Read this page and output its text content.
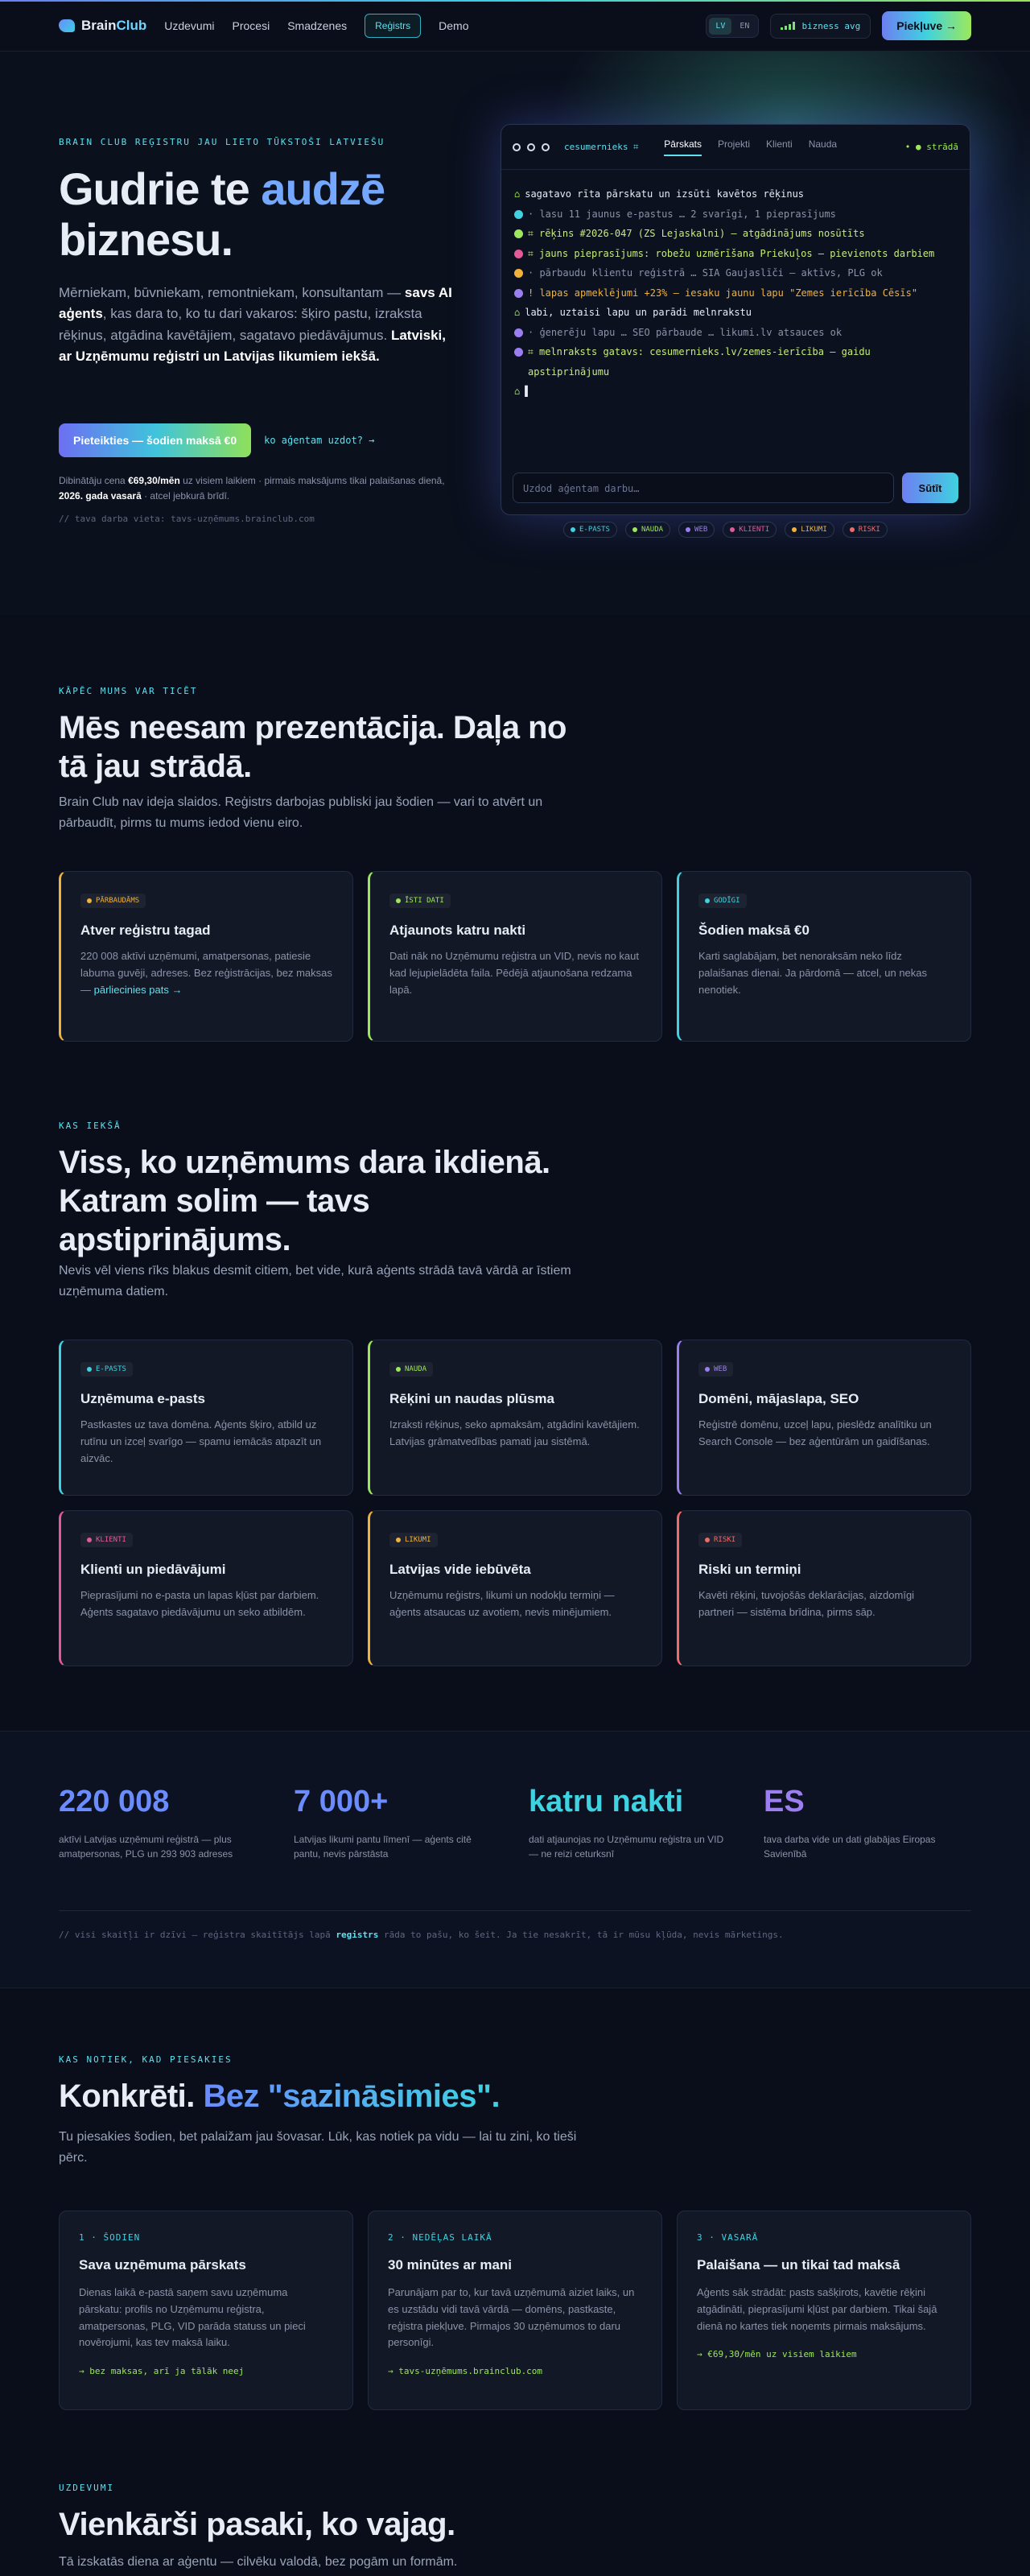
BrainClub Uzdevumi Procesi Smadzenes	Reģistrs	Demo	LV	EN	bizness avg	Piekļuve →
BRAIN CLUB REĢISTRU JAU LIETO TŪKSTOŠI LATVIEŠU
Gudrie te audzē
biznesu.
Mērniekam, būvniekam, remontniekam, konsultantam — savs AI aģents, kas dara to, ko tu dari vakaros: šķiro pastu, izraksta rēķinus, atgādina kavētājiem, sagatavo piedāvājumus. Latviski, ar Uzņēmumu reģistri un Latvijas likumiem iekšā.
Pieteikties — šodien maksā €0	ko aģentam uzdot? →
Dibinātāju cena €69,30/mēn uz visiem laikiem · pirmais maksājums tikai palaišanas dienā, 2026. gada vasarā · atcel jebkurā brīdī.
// tava darba vieta: tavs-uzņēmums.brainclub.com
cesumernieks ⌗	Pārskats Projekti Klienti Nauda	• ● strādā
⌂ sagatavo rīta pārskatu un izsūti kavētos rēķinus
· lasu 11 jaunus e-pastus … 2 svarīgi, 1 pieprasījums
⌗ rēķins #2026-047 (ZS Lejaskalni) — atgādinājums nosūtīts
⌗ jauns pieprasījums: robežu uzmērīšana Priekuļos — pievienots darbiem
· pārbaudu klientu reģistrā … SIA Gaujaslīči — aktīvs, PLG ok
! lapas apmeklējumi +23% — iesaku jaunu lapu "Zemes ierīcība Cēsīs"
⌂ labi, uztaisi lapu un parādi melnrakstu
· ģenerēju lapu … SEO pārbaude … likumi.lv atsauces ok
⌗ melnraksts gatavs: cesumernieks.lv/zemes-ierīcība — gaidu apstiprinājumu
⌂ ▌
Uzdod aģentam darbu…	Sūtīt
E-PASTS	NAUDA	WEB	KLIENTI	LIKUMI	RISKI
KĀPĒC MUMS VAR TICĒT
Mēs neesam prezentācija. Daļa no tā jau strādā.
Brain Club nav ideja slaidos. Reģistrs darbojas publiski jau šodien — vari to atvērt un pārbaudīt, pirms tu mums iedod vienu eiro.
PĀRBAUDĀMS
Atver reģistru tagad
220 008 aktīvi uzņēmumi, amatpersonas, patiesie labuma guvēji, adreses. Bez reģistrācijas, bez maksas — pārliecinies pats →
ĪSTI DATI
Atjaunots katru nakti
Dati nāk no Uzņēmumu reģistra un VID, nevis no kaut kad lejupielādēta faila. Pēdējā atjaunošana redzama lapā.
GODĪGI
Šodien maksā €0
Karti saglabājam, bet nenoraksām neko līdz palaišanas dienai. Ja pārdomā — atcel, un nekas nenotiek.
KAS IEKŠĀ
Viss, ko uzņēmums dara ikdienā. Katram solim — tavs apstiprinājums.
Nevis vēl viens rīks blakus desmit citiem, bet vide, kurā aģents strādā tavā vārdā ar īstiem uzņēmuma datiem.
E-PASTS
Uzņēmuma e-pasts
Pastkastes uz tava domēna. Aģents šķiro, atbild uz rutīnu un izceļ svarīgo — spamu iemācās atpazīt un aizvāc.
NAUDA
Rēķini un naudas plūsma
Izraksti rēķinus, seko apmaksām, atgādini kavētājiem. Latvijas grāmatvedības pamati jau sistēmā.
WEB
Domēni, mājaslapa, SEO
Reģistrē domēnu, uzceļ lapu, pieslēdz analītiku un Search Console — bez aģentūrām un gaidīšanas.
KLIENTI
Klienti un piedāvājumi
Pieprasījumi no e-pasta un lapas kļūst par darbiem. Aģents sagatavo piedāvājumu un seko atbildēm.
LIKUMI
Latvijas vide iebūvēta
Uzņēmumu reģistrs, likumi un nodokļu termiņi — aģents atsaucas uz avotiem, nevis minējumiem.
RISKI
Riski un termiņi
Kavēti rēķini, tuvojošās deklarācijas, aizdomīgi partneri — sistēma brīdina, pirms sāp.
220 008
aktīvi Latvijas uzņēmumi reģistrā — plus amatpersonas, PLG un 293 903 adreses
7 000+
Latvijas likumi pantu līmenī — aģents citē pantu, nevis pārstāsta
katru nakti
dati atjaunojas no Uzņēmumu reģistra un VID — ne reizi ceturksnī
ES
tava darba vide un dati glabājas Eiropas Savienībā
// visi skaitļi ir dzīvi — reģistra skaitītājs lapā registrs rāda to pašu, ko šeit. Ja tie nesakrīt, tā ir mūsu kļūda, nevis mārketings.
KAS NOTIEK, KAD PIESAKIES
Konkrēti. Bez "sazināsimies".
Tu piesakies šodien, bet palaižam jau šovasar. Lūk, kas notiek pa vidu — lai tu zini, ko tieši pērc.
1 · ŠODIEN
Sava uzņēmuma pārskats
Dienas laikā e-pastā saņem savu uzņēmuma pārskatu: profils no Uzņēmumu reģistra, amatpersonas, PLG, VID parāda statuss un pieci novērojumi, kas tev maksā laiku.
→ bez maksas, arī ja tālāk neej
2 · NEDĒĻAS LAIKĀ
30 minūtes ar mani
Parunājam par to, kur tavā uzņēmumā aiziet laiks, un es uzstādu vidi tavā vārdā — domēns, pastkaste, reģistra piekļuve. Pirmajos 30 uzņēmumos to daru personīgi.
→ tavs-uzņēmums.brainclub.com
3 · VASARĀ
Palaišana — un tikai tad maksā
Aģents sāk strādāt: pasts sašķirots, kavētie rēķini atgādināti, pieprasījumi kļūst par darbiem. Tikai šajā dienā no kartes tiek noņemts pirmais maksājums.
→ €69,30/mēn uz visiem laikiem
UZDEVUMI
Vienkārši pasaki, ko vajag.
Tā izskatās diena ar aģentu — cilvēku valodā, bez pogām un formām.
